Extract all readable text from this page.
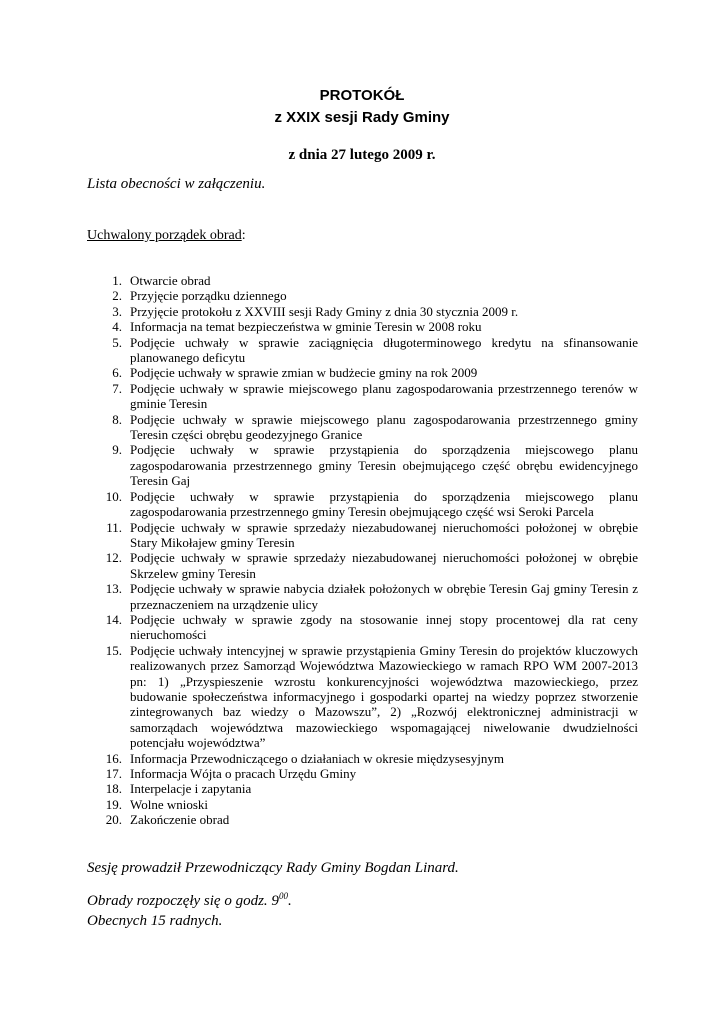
PROTOKÓŁ
z XXIX sesji Rady Gminy
z dnia 27 lutego 2009 r.
Lista obecności w załączeniu.
Uchwalony porządek obrad:
1. Otwarcie obrad
2. Przyjęcie porządku dziennego
3. Przyjęcie protokołu z XXVIII sesji Rady Gminy z dnia 30 stycznia 2009 r.
4. Informacja na temat bezpieczeństwa w gminie Teresin w 2008 roku
5. Podjęcie uchwały w sprawie zaciągnięcia długoterminowego kredytu na sfinansowanie planowanego deficytu
6. Podjęcie uchwały w sprawie zmian w budżecie gminy na rok 2009
7. Podjęcie uchwały w sprawie miejscowego planu zagospodarowania przestrzennego terenów w gminie Teresin
8. Podjęcie uchwały w sprawie miejscowego planu zagospodarowania przestrzennego gminy Teresin części obrębu geodezyjnego Granice
9. Podjęcie uchwały w sprawie przystąpienia do sporządzenia miejscowego planu zagospodarowania przestrzennego gminy Teresin obejmującego część obrębu ewidencyjnego Teresin Gaj
10. Podjęcie uchwały w sprawie przystąpienia do sporządzenia miejscowego planu zagospodarowania przestrzennego gminy Teresin obejmującego część wsi Seroki Parcela
11. Podjęcie uchwały w sprawie sprzedaży niezabudowanej nieruchomości położonej w obrębie Stary Mikołajew gminy Teresin
12. Podjęcie uchwały w sprawie sprzedaży niezabudowanej nieruchomości położonej w obrębie Skrzelew gminy Teresin
13. Podjęcie uchwały w sprawie nabycia działek położonych w obrębie Teresin Gaj gminy Teresin z przeznaczeniem na urządzenie ulicy
14. Podjęcie uchwały w sprawie zgody na stosowanie innej stopy procentowej dla rat ceny nieruchomości
15. Podjęcie uchwały intencyjnej w sprawie przystąpienia Gminy Teresin do projektów kluczowych realizowanych przez Samorząd Województwa Mazowieckiego w ramach RPO WM 2007-2013 pn: 1) „Przyspieszenie wzrostu konkurencyjności województwa mazowieckiego, przez budowanie społeczeństwa informacyjnego i gospodarki opartej na wiedzy poprzez stworzenie zintegrowanych baz wiedzy o Mazowszu”, 2) „Rozwój elektronicznej administracji w samorządach województwa mazowieckiego wspomagającej niwelowanie dwudzielności potencjału województwa”
16. Informacja Przewodniczącego o działaniach w okresie międzysesyjnym
17. Informacja Wójta o pracach Urzędu Gminy
18. Interpelacje i zapytania
19. Wolne wnioski
20. Zakończenie obrad
Sesję prowadził Przewodniczący Rady Gminy Bogdan Linard.
Obrady rozpoczęły się o godz. $9^{00}$.
Obecnych 15 radnych.
